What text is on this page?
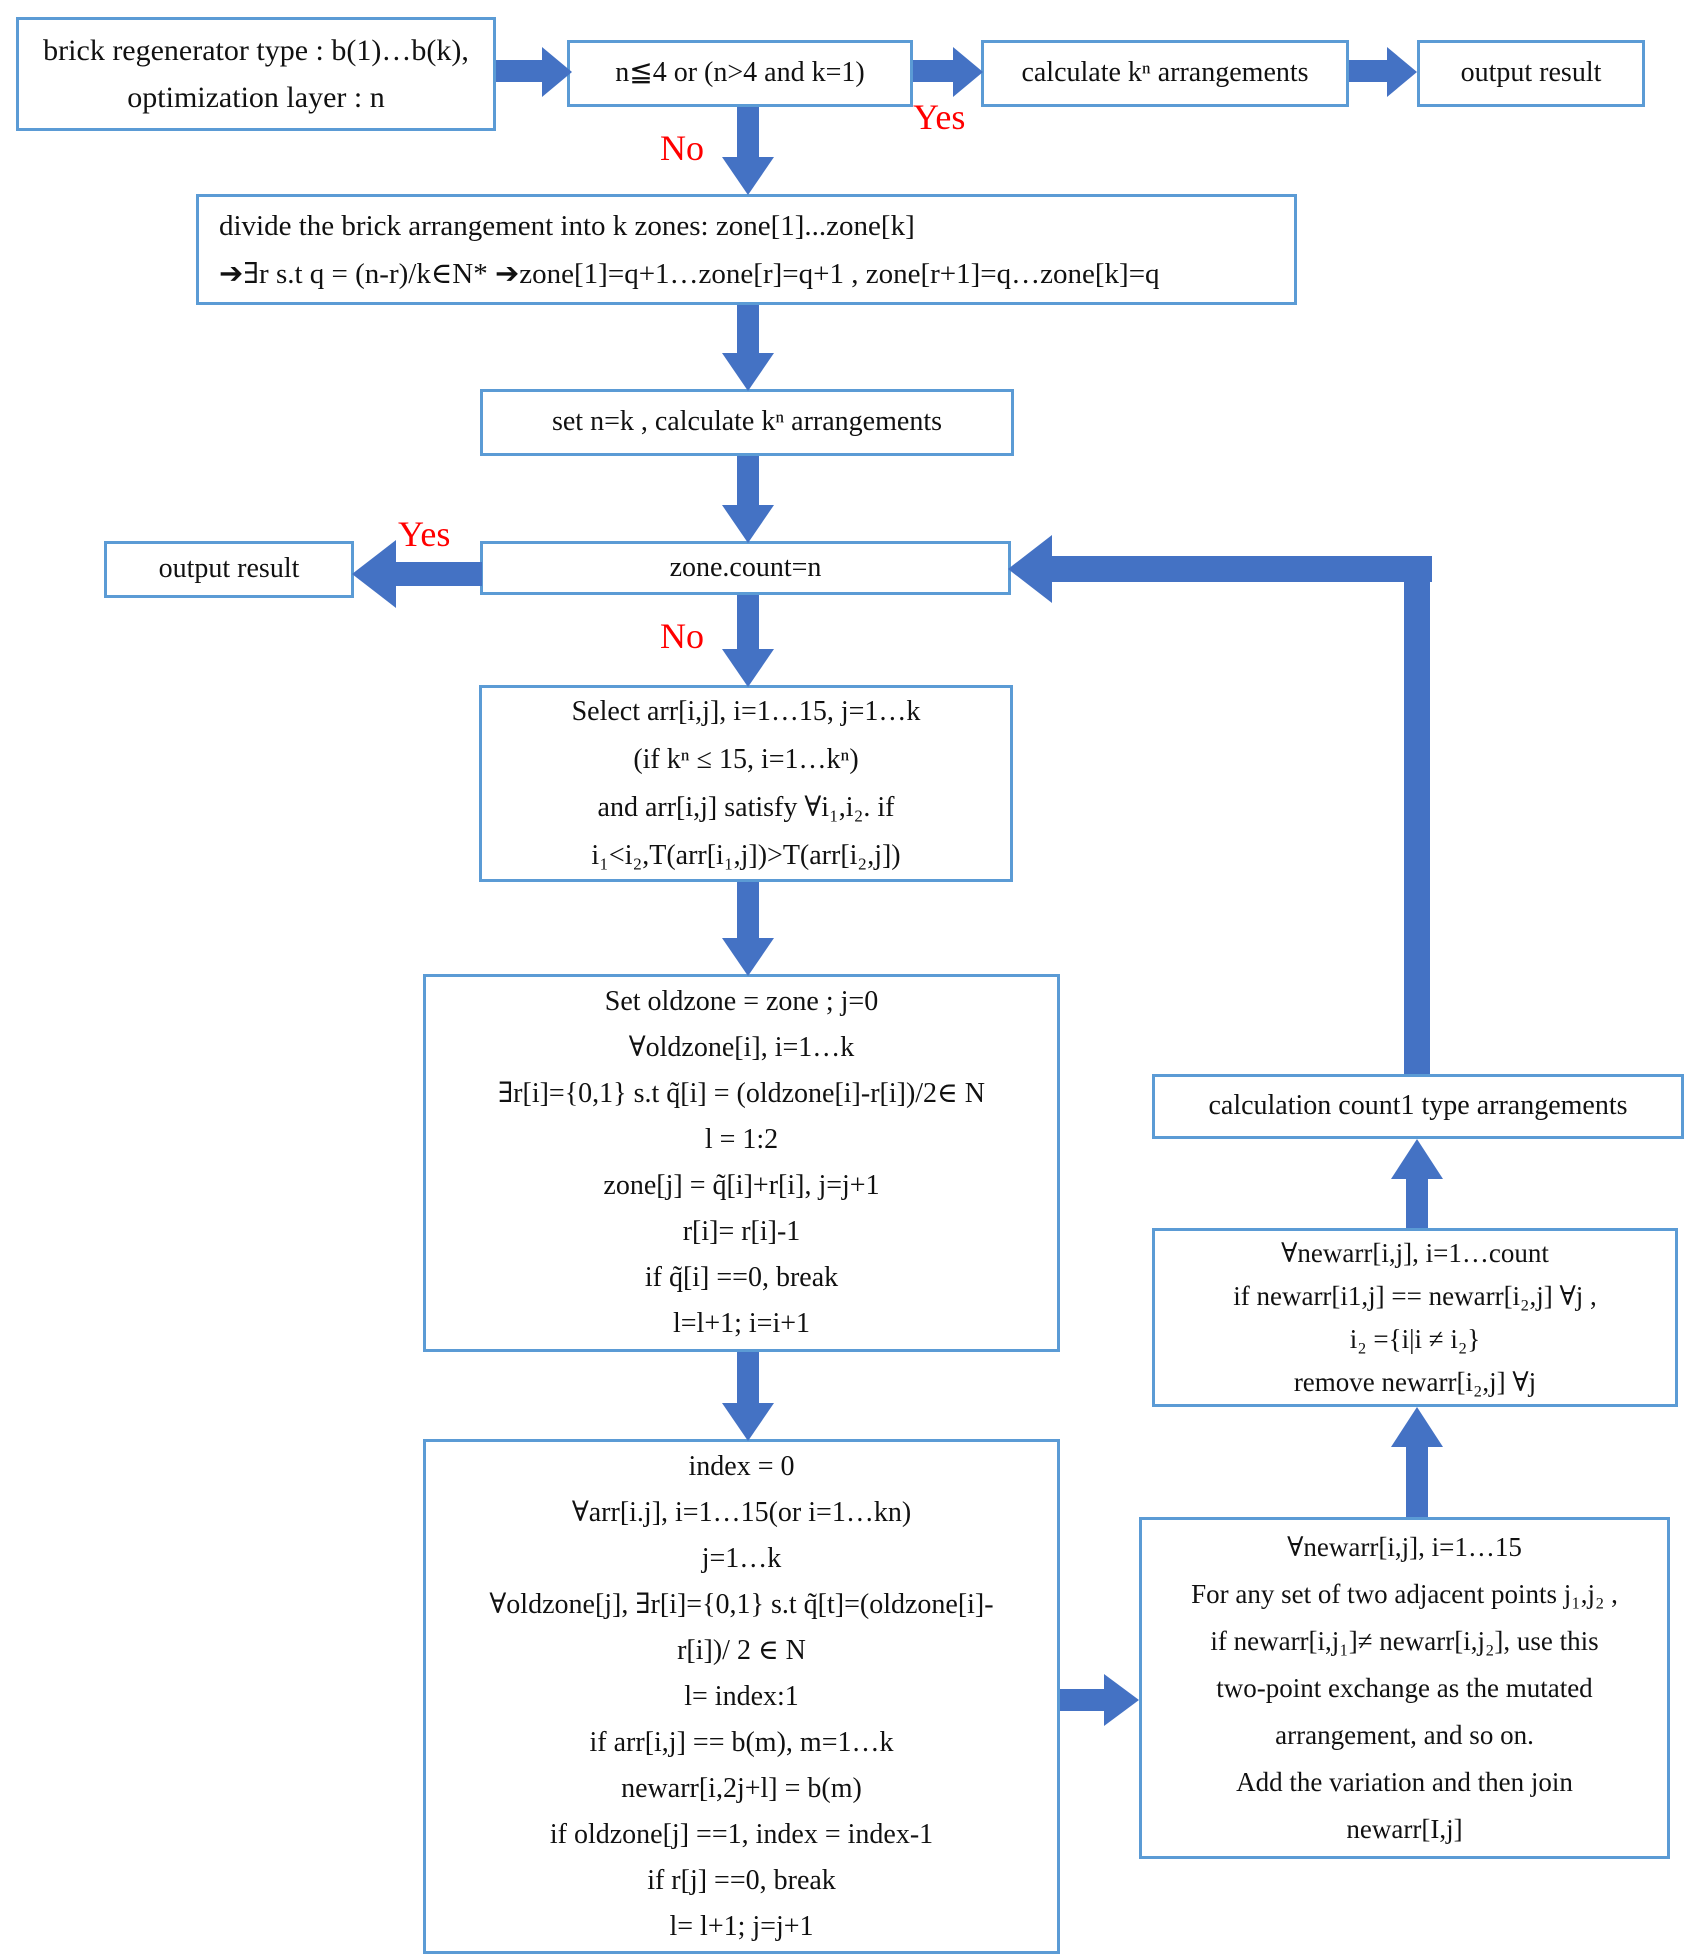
brick regenerator type : b(1)…b(k),
optimization layer : n
n≦4 or (n>4 and k=1)	calculate kⁿ arrangements	output result
divide the brick arrangement into k zones: zone[1]...zone[k]
➔∃r s.t q = (n-r)/k∈N* ➔zone[1]=q+1…zone[r]=q+1 , zone[r+1]=q…zone[k]=q
set n=k , calculate kⁿ arrangements
output result	zone.count=n
Select arr[i,j], i=1…15, j=1…k
(if kⁿ ≤ 15, i=1…kⁿ)
and arr[i,j] satisfy ∀i₁,i₂. if
i₁<i₂,T(arr[i₁,j])>T(arr[i₂,j])
Set oldzone = zone ; j=0
∀oldzone[i], i=1…k
∃r[i]={0,1} s.t q̃[i] = (oldzone[i]-r[i])/2∈ N
l = 1:2
zone[j] = q̃[i]+r[i], j=j+1
r[i]= r[i]-1
if q̃[i] ==0, break
l=l+1; i=i+1
index = 0
∀arr[i.j], i=1…15(or i=1…kn)
j=1…k
∀oldzone[j], ∃r[i]={0,1} s.t q̃[t]=(oldzone[i]-
r[i])/ 2 ∈ N
l= index:1
if arr[i,j] == b(m), m=1…k
newarr[i,2j+l] = b(m)
if oldzone[j] ==1, index = index-1
if r[j] ==0, break
l= l+1; j=j+1
∀newarr[i,j], i=1…15
For any set of two adjacent points j₁,j₂ ,
if newarr[i,j₁]≠ newarr[i,j₂], use this
two-point exchange as the mutated
arrangement, and so on.
Add the variation and then join
newarr[I,j]
∀newarr[i,j], i=1…count
if newarr[i1,j] == newarr[i₂,j] ∀j ,
i₂ ={i|i ≠ i₂}
remove newarr[i₂,j] ∀j
calculation count1 type arrangements
Yes
No
Yes
No
